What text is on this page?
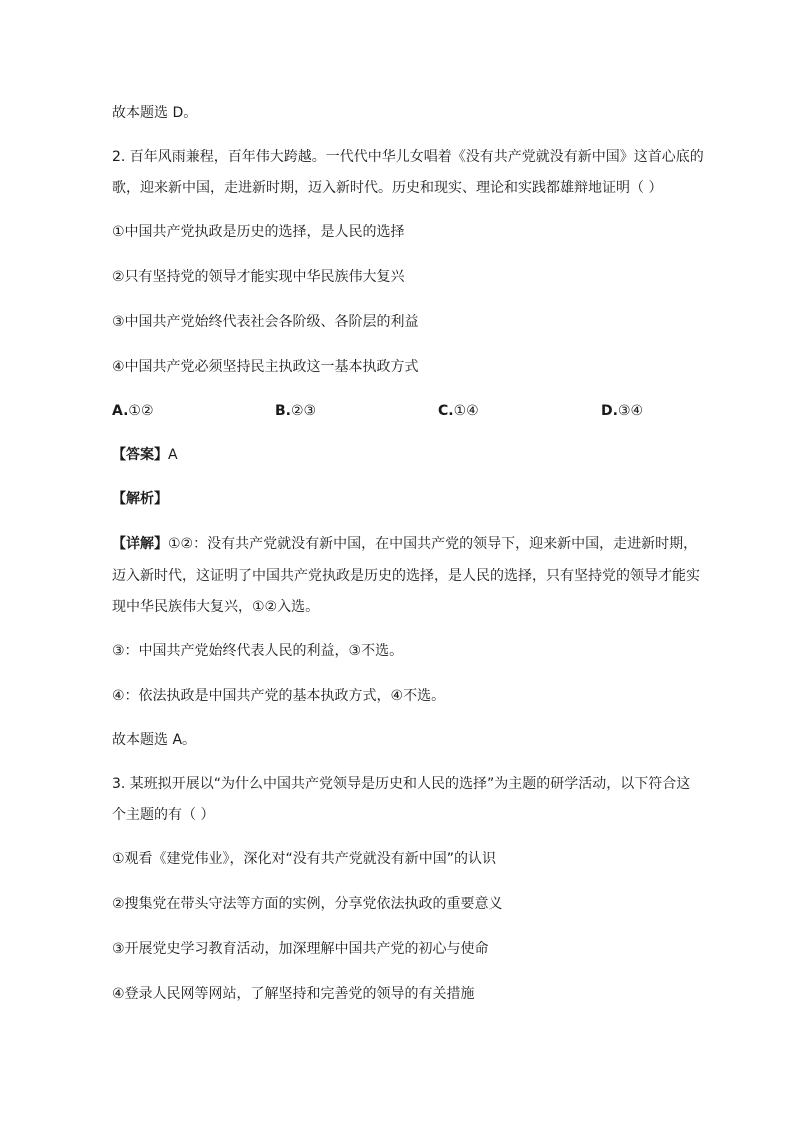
故本题选 D。
2. 百年风雨兼程，百年伟大跨越。一代代中华儿女唱着《没有共产党就没有新中国》这首心底的
歌，迎来新中国，走进新时期，迈入新时代。历史和现实、理论和实践都雄辩地证明（ ）
①中国共产党执政是历史的选择，是人民的选择
②只有坚持党的领导才能实现中华民族伟大复兴
③中国共产党始终代表社会各阶级、各阶层的利益
④中国共产党必须坚持民主执政这一基本执政方式
A.①②	B.②③	C.①④	D.③④
【答案】A
【解析】
【详解】①②：没有共产党就没有新中国，在中国共产党的领导下，迎来新中国，走进新时期，
迈入新时代，这证明了中国共产党执政是历史的选择，是人民的选择，只有坚持党的领导才能实
现中华民族伟大复兴，①②入选。
③：中国共产党始终代表人民的利益，③不选。
④：依法执政是中国共产党的基本执政方式，④不选。
故本题选 A。
3. 某班拟开展以“为什么中国共产党领导是历史和人民的选择”为主题的研学活动，以下符合这
个主题的有（ ）
①观看《建党伟业》，深化对“没有共产党就没有新中国”的认识
②搜集党在带头守法等方面的实例，分享党依法执政的重要意义
③开展党史学习教育活动，加深理解中国共产党的初心与使命
④登录人民网等网站，了解坚持和完善党的领导的有关措施
